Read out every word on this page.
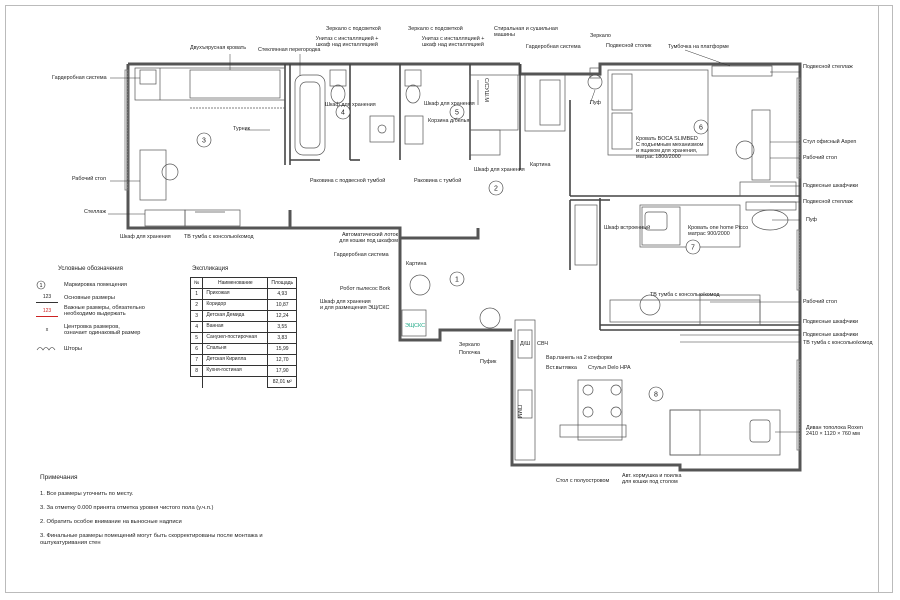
3
4	5
2
6
7
8
1
ЭЩ СКС
Д/Ш СВЧ
ПММ
С/СУШ.М
Двухъярусная кровать Стеклянная перегородка
Гардеробная система
Турник
Рабочий стол
Стеллаж
Шкаф для хранения ТВ тумба с консолью/комод
Зеркало с подсветкой
Унитаз с инсталляцией + шкаф над инсталляцией
Шкаф для хранения
Раковина с подвесной тумбой
Зеркало с подсветкой
Унитаз с инсталляцией + шкаф над инсталляцией
Шкаф для хранения
Корзина д/белья
Раковина с тумбой
Стиральная и сушильная машины
Гардеробная система
Зеркало
Подвесной столик	Тумбочка на платформе
Пуф
Подвесной стеллаж
Кровать BOCA SLIMBED
С подъемным механизмом
и ящиком для хранения,
матрас 1800/2000
Стул офисный Aspen
Рабочий стол
Картина
Шкаф для хранения
Подвесные шкафчики
Подвесной стеллаж
Пуф
Шкаф встроенный	Кровать one home Picco
матрас 900/2000
Автоматический лоток
для кошки под шкафом
Гардеробная система
Картина
Робот пылесос Bork
Шкаф для хранения
и для размещения ЭЩ/СКС
ТВ тумба с консолью/комод
Рабочий стол
Подвесные шкафчики
Подвесные шкафчики
ТВ тумба с консолью/комод
Зеркало
Полочка
Пуфик
Вар.панель на 2 конфорки
Вст.вытяжка Стулья Delo HPA
Диван тополока Roxen
2410 × 1120 × 760 мм
Стол с полуостровом
Авт. кормушка и поилка
для кошки под столом
Условные обозначения
1	Маркировка помещения
123	Основные размеры
123	Важные размеры, обязательно
необходимо выдержать
x	Центровка размеров,
означает одинаковый размер
Шторы
Экспликация
№	Наименование	Площадь
1	Прихожая	4,93
2	Коридор	10,87
3	Детская Демида	12,24
4	Ванная	3,55
5	Санузел-постирочная	3,83
6	Спальня	15,99
7	Детская Кирилла	12,70
8	Кухня-гостиная	17,90
		82,01 м²
Примечания
1. Все размеры уточнить по месту.
3. За отметку 0.000 принята отметка уровня чистого пола (у.ч.п.)
2. Обратить особое внимание на выносные надписи
3. Финальные размеры помещений могут быть скорректированы после монтажа и оштукатуривания стен
